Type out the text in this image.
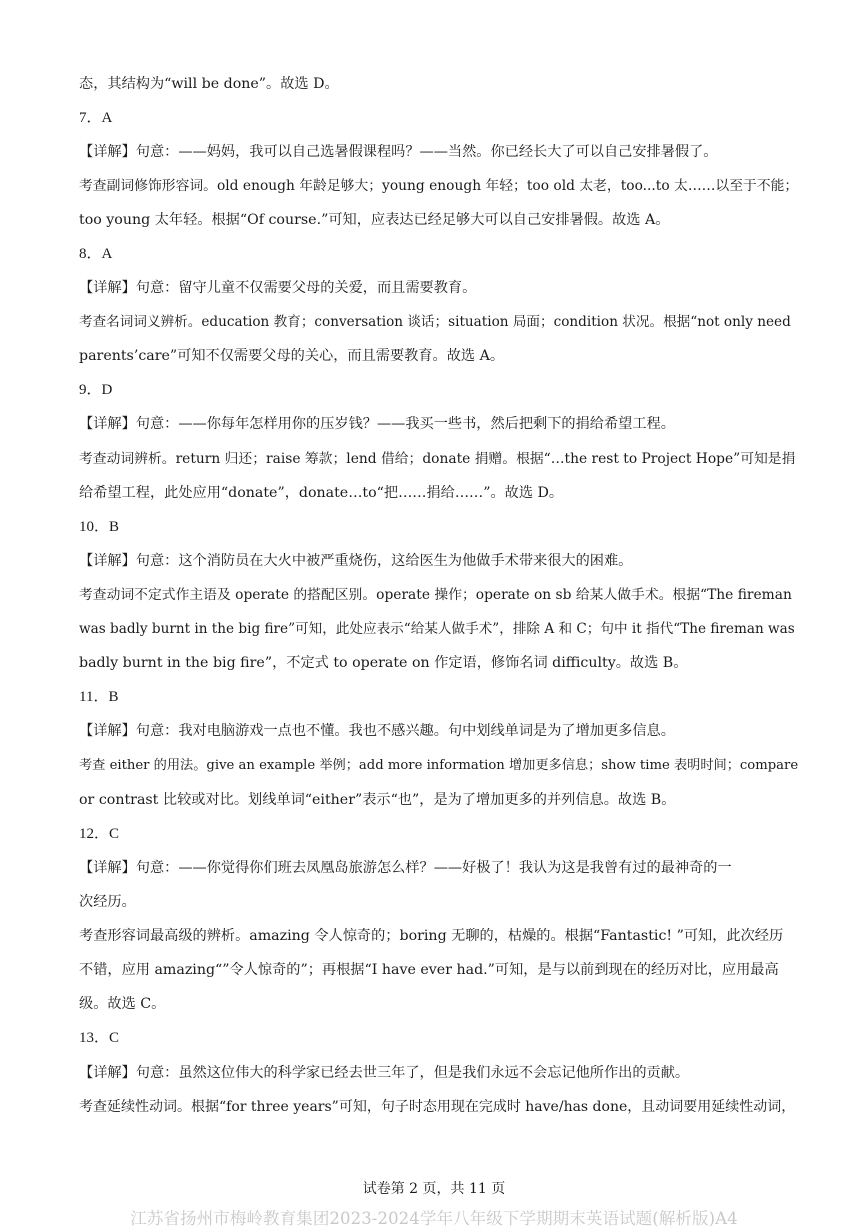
态，其结构为“will be done”。故选 D。
7．A
【详解】句意：——妈妈，我可以自己选暑假课程吗？——当然。你已经长大了可以自己安排暑假了。
考查副词修饰形容词。old enough 年龄足够大；young enough 年轻；too old 太老，too...to 太……以至于不能；
too young 太年轻。根据“Of course.”可知，应表达已经足够大可以自己安排暑假。故选 A。
8．A
【详解】句意：留守儿童不仅需要父母的关爱，而且需要教育。
考查名词词义辨析。education 教育；conversation 谈话；situation 局面；condition 状况。根据“not only need
parents’care”可知不仅需要父母的关心，而且需要教育。故选 A。
9．D
【详解】句意：——你每年怎样用你的压岁钱？——我买一些书，然后把剩下的捐给希望工程。
考查动词辨析。return 归还；raise 筹款；lend 借给；donate 捐赠。根据“…the rest to Project Hope”可知是捐
给希望工程，此处应用“donate”，donate…to“把……捐给……”。故选 D。
10．B
【详解】句意：这个消防员在大火中被严重烧伤，这给医生为他做手术带来很大的困难。
考查动词不定式作主语及 operate 的搭配区别。operate 操作；operate on sb 给某人做手术。根据“The fireman
was badly burnt in the big fire”可知，此处应表示“给某人做手术”，排除 A 和 C；句中 it 指代“The fireman was
badly burnt in the big fire”，不定式 to operate on 作定语，修饰名词 difficulty。故选 B。
11．B
【详解】句意：我对电脑游戏一点也不懂。我也不感兴趣。句中划线单词是为了增加更多信息。
考查 either 的用法。give an example 举例；add more information 增加更多信息；show time 表明时间；compare
or contrast 比较或对比。划线单词“either”表示“也”，是为了增加更多的并列信息。故选 B。
12．C
【详解】句意：——你觉得你们班去凤凰岛旅游怎么样？——好极了！我认为这是我曾有过的最神奇的一
次经历。
考查形容词最高级的辨析。amazing 令人惊奇的；boring 无聊的，枯燥的。根据“Fantastic! ”可知，此次经历
不错，应用 amazing“”令人惊奇的”；再根据“I have ever had.”可知，是与以前到现在的经历对比，应用最高
级。故选 C。
13．C
【详解】句意：虽然这位伟大的科学家已经去世三年了，但是我们永远不会忘记他所作出的贡献。
考查延续性动词。根据“for three years”可知，句子时态用现在完成时 have/has done，且动词要用延续性动词，
试卷第 2 页，共 11 页
江苏省扬州市梅岭教育集团2023-2024学年八年级下学期期末英语试题(解析版)A4
